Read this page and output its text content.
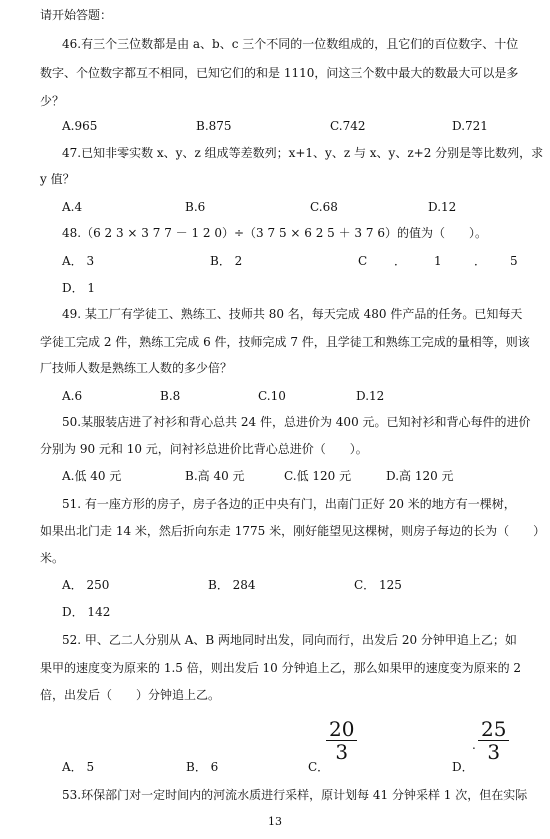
请开始答题：
46.有三个三位数都是由 a、b、c 三个不同的一位数组成的，且它们的百位数字、十位
数字、个位数字都互不相同，已知它们的和是 1110，问这三个数中最大的数最大可以是多
少？
A.965	B.875	C.742	D.721
47.已知非零实数 x、y、z 组成等差数列；x+1、y、z 与 x、y、z+2 分别是等比数列，求
y 值？
A.4	B.6	C.68	D.12
48.（6 2 3 × 3 7 7 － 1 2 0）÷（3 7 5 × 6 2 5 ＋ 3 7 6）的值为（　　）。
A． 3	B． 2	C ． 1	． 5
D． 1
49. 某工厂有学徒工、熟练工、技师共 80 名，每天完成 480 件产品的任务。已知每天
学徒工完成 2 件，熟练工完成 6 件，技师完成 7 件，且学徒工和熟练工完成的量相等，则该
厂技师人数是熟练工人数的多少倍？
A.6	B.8	C.10	D.12
50.某服装店进了衬衫和背心总共 24 件，总进价为 400 元。已知衬衫和背心每件的进价
分别为 90 元和 10 元，问衬衫总进价比背心总进价（　　）。
A.低 40 元	B.高 40 元	C.低 120 元	D.高 120 元
51. 有一座方形的房子，房子各边的正中央有门，出南门正好 20 米的地方有一棵树，
如果出北门走 14 米，然后折向东走 1775 米，刚好能望见这棵树，则房子每边的长为（　　）
米。
A． 250	B． 284	C． 125
D． 142
52. 甲、乙二人分别从 A、B 两地同时出发，同向而行，出发后 20 分钟甲追上乙；如
果甲的速度变为原来的 1.5 倍，则出发后 10 分钟追上乙，那么如果甲的速度变为原来的 2
倍，出发后（　　）分钟追上乙。
A． 5	B． 6	C．
$\frac{20}{3}$
D．
. $\frac{25}{3}$
53.环保部门对一定时间内的河流水质进行采样，原计划每 41 分钟采样 1 次，但在实际
13
